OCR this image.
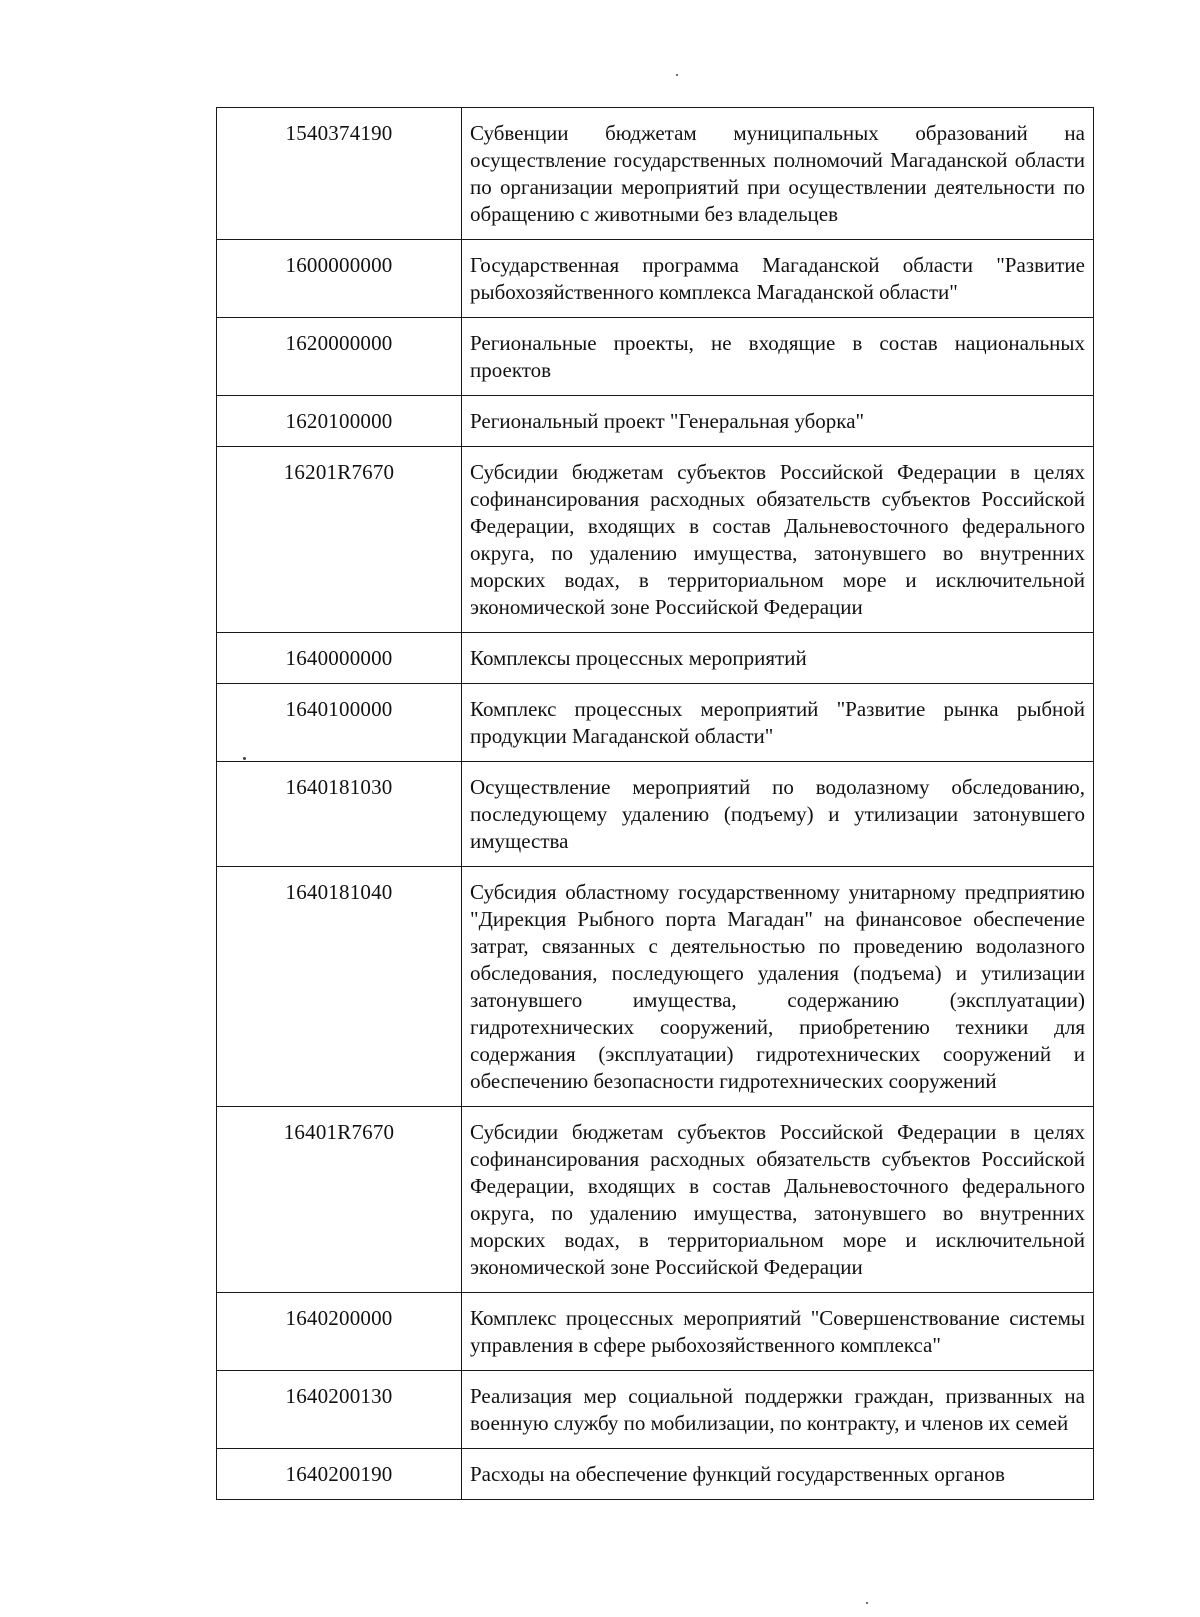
1540374190	Субвенции бюджетам муниципальных образований на осуществление государственных полномочий Магаданской области по организации мероприятий при осуществлении деятельности по обращению с животными без владельцев
1600000000	Государственная программа Магаданской области "Развитие рыбохозяйственного комплекса Магаданской области"
1620000000	Региональные проекты, не входящие в состав национальных проектов
1620100000	Региональный проект "Генеральная уборка"
16201R7670	Субсидии бюджетам субъектов Российской Федерации в целях софинансирования расходных обязательств субъектов Российской Федерации, входящих в состав Дальневосточного федерального округа, по удалению имущества, затонувшего во внутренних морских водах, в территориальном море и исключительной экономической зоне Российской Федерации
1640000000	Комплексы процессных мероприятий
1640100000	Комплекс процессных мероприятий "Развитие рынка рыбной продукции Магаданской области"
1640181030	Осуществление мероприятий по водолазному обследованию, последующему удалению (подъему) и утилизации затонувшего имущества
1640181040	Субсидия областному государственному унитарному предприятию "Дирекция Рыбного порта Магадан" на финансовое обеспечение затрат, связанных с деятельностью по проведению водолазного обследования, последующего удаления (подъема) и утилизации затонувшего имущества, содержанию (эксплуатации) гидротехнических сооружений, приобретению техники для содержания (эксплуатации) гидротехнических сооружений и обеспечению безопасности гидротехнических сооружений
16401R7670	Субсидии бюджетам субъектов Российской Федерации в целях софинансирования расходных обязательств субъектов Российской Федерации, входящих в состав Дальневосточного федерального округа, по удалению имущества, затонувшего во внутренних морских водах, в территориальном море и исключительной экономической зоне Российской Федерации
1640200000	Комплекс процессных мероприятий "Совершенствование системы управления в сфере рыбохозяйственного комплекса"
1640200130	Реализация мер социальной поддержки граждан, призванных на военную службу по мобилизации, по контракту, и членов их семей
1640200190	Расходы на обеспечение функций государственных органов
